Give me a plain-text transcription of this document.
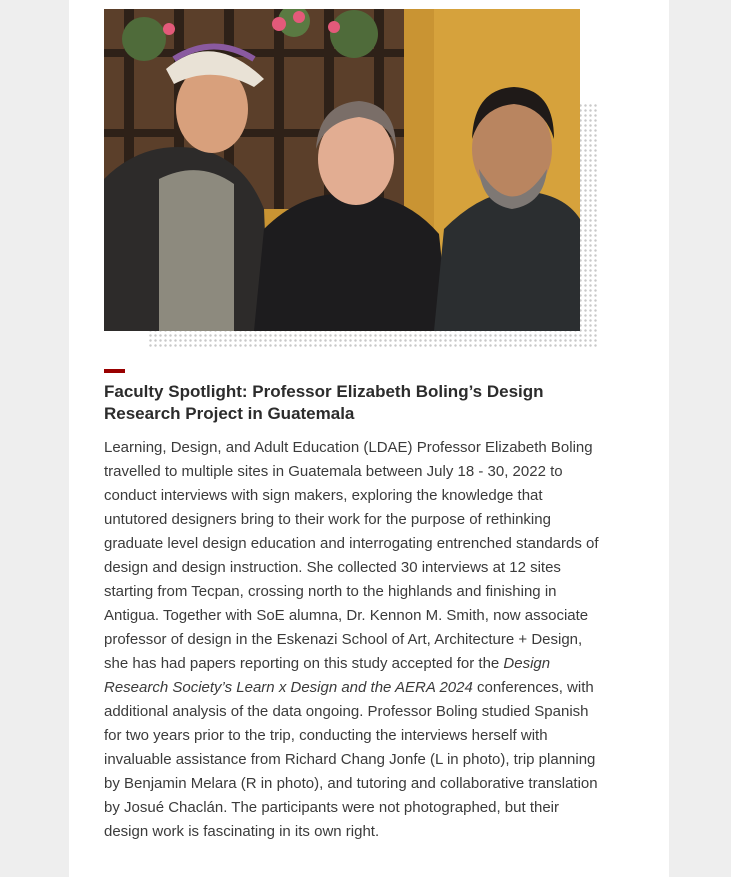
Faculty Spotlight: Professor Elizabeth Boling’s Design Research Project in Guatemala

Learning, Design, and Adult Education (LDAE) Professor Elizabeth Boling travelled to multiple sites in Guatemala between July 18 - 30, 2022 to conduct interviews with sign makers, exploring the knowledge that untutored designers bring to their work for the purpose of rethinking graduate level design education and interrogating entrenched standards of design and design instruction. She collected 30 interviews at 12 sites starting from Tecpan, crossing north to the highlands and finishing in Antigua. Together with SoE alumna, Dr. Kennon M. Smith, now associate professor of design in the Eskenazi School of Art, Architecture + Design, she has had papers reporting on this study accepted for the Design Research Society’s Learn x Design and the AERA 2024 conferences, with additional analysis of the data ongoing. Professor Boling studied Spanish for two years prior to the trip, conducting the interviews herself with invaluable assistance from Richard Chang Jonfe (L in photo), trip planning by Benjamin Melara (R in photo), and tutoring and collaborative translation by Josué Chaclán. The participants were not photographed, but their design work is fascinating in its own right.
